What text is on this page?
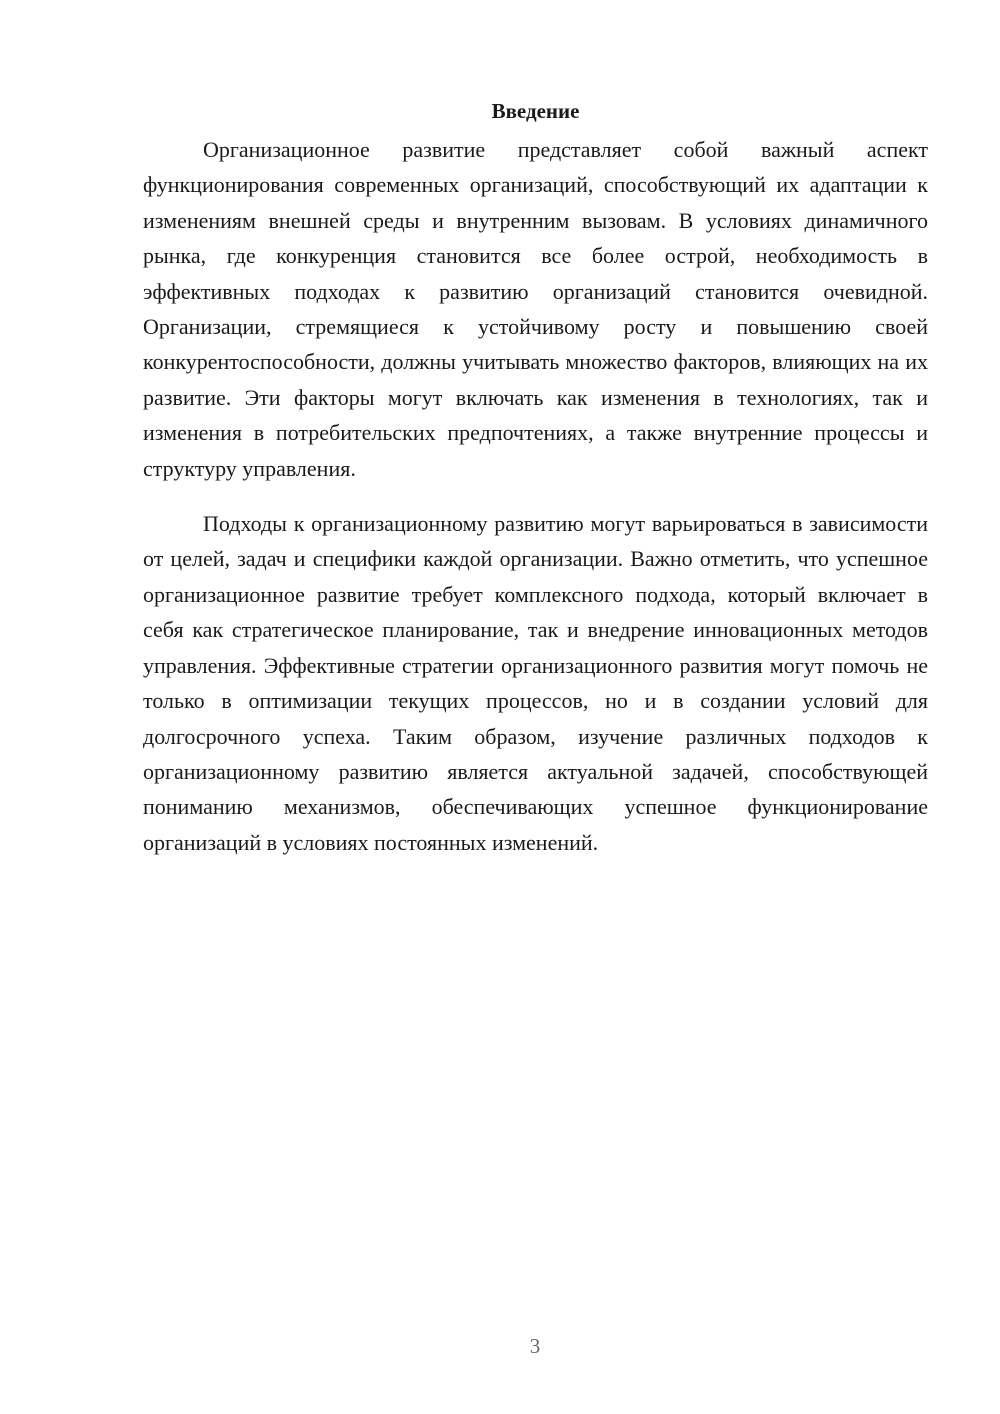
Введение

Организационное развитие представляет собой важный аспект функционирования современных организаций, способствующий их адаптации к изменениям внешней среды и внутренним вызовам. В условиях динамичного рынка, где конкуренция становится все более острой, необходимость в эффективных подходах к развитию организаций становится очевидной. Организации, стремящиеся к устойчивому росту и повышению своей конкурентоспособности, должны учитывать множество факторов, влияющих на их развитие. Эти факторы могут включать как изменения в технологиях, так и изменения в потребительских предпочтениях, а также внутренние процессы и структуру управления.

Подходы к организационному развитию могут варьироваться в зависимости от целей, задач и специфики каждой организации. Важно отметить, что успешное организационное развитие требует комплексного подхода, который включает в себя как стратегическое планирование, так и внедрение инновационных методов управления. Эффективные стратегии организационного развития могут помочь не только в оптимизации текущих процессов, но и в создании условий для долгосрочного успеха. Таким образом, изучение различных подходов к организационному развитию является актуальной задачей, способствующей пониманию механизмов, обеспечивающих успешное функционирование организаций в условиях постоянных изменений.

3
